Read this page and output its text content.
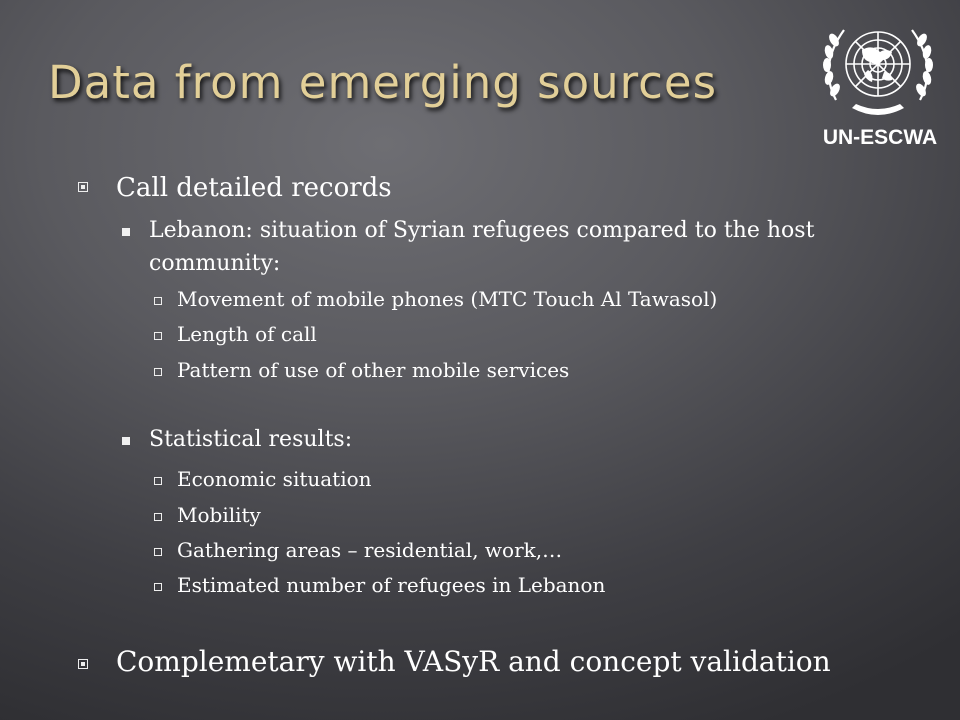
Data from emerging sources
UN-ESCWA
Call detailed records
Lebanon: situation of Syrian refugees compared to the host
community:
Movement of mobile phones (MTC Touch Al Tawasol)
Length of call
Pattern of use of other mobile services
Statistical results:
Economic situation
Mobility
Gathering areas – residential, work,…
Estimated number of refugees in Lebanon
Complemetary with VASyR and concept validation
